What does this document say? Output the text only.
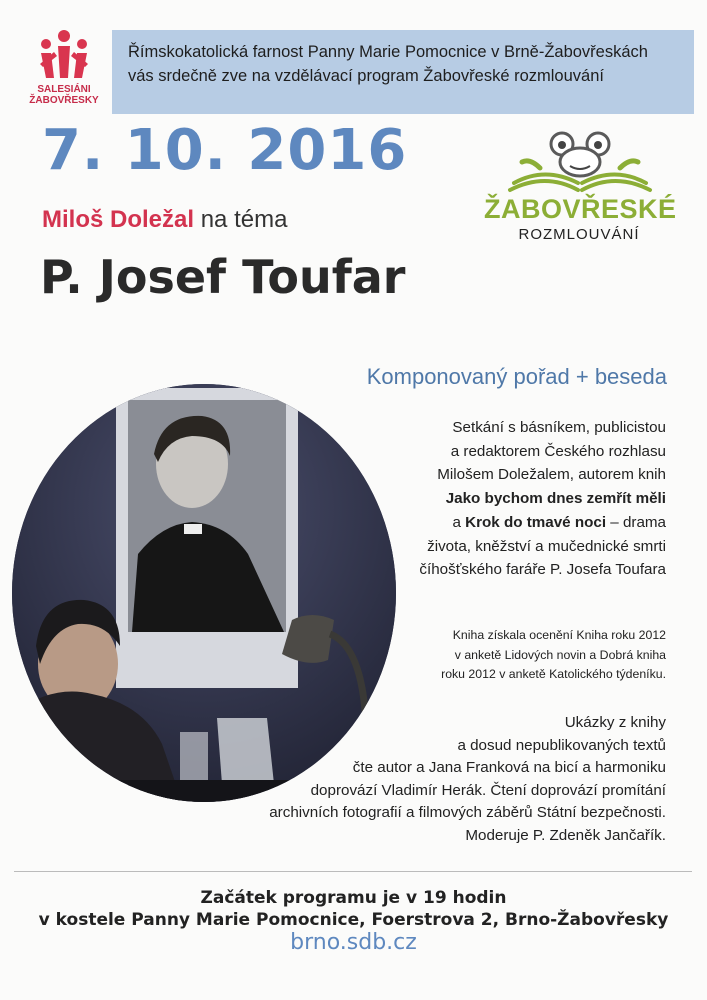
SALESIÁNI
ŽABOVŘESKY
Římskokatolická farnost Panny Marie Pomocnice v Brně-Žabovřeskách
vás srdečně zve na vzdělávací program Žabovřeské rozmlouvání
7. 10. 2016
Miloš Doležal na téma
P. Josef Toufar
ŽABOVŘESKÉ
ROZMLOUVÁNÍ
Komponovaný pořad + beseda
Setkání s básníkem, publicistou
a redaktorem Českého rozhlasu
Milošem Doležalem, autorem knih
Jako bychom dnes zemřít měli
a Krok do tmavé noci – drama
života, kněžství a mučednické smrti
číhošťského faráře P. Josefa Toufara
Kniha získala ocenění Kniha roku 2012
v anketě Lidových novin a Dobrá kniha
roku 2012 v anketě Katolického týdeníku.
Ukázky z knihy
a dosud nepublikovaných textů
čte autor a Jana Franková na bicí a harmoniku
doprovází Vladimír Herák. Čtení doprovází promítání
archivních fotografií a filmových záběrů Státní bezpečnosti.
Moderuje P. Zdeněk Jančařík.
Začátek programu je v 19 hodin
v kostele Panny Marie Pomocnice, Foerstrova 2, Brno-Žabovřesky
brno.sdb.cz
